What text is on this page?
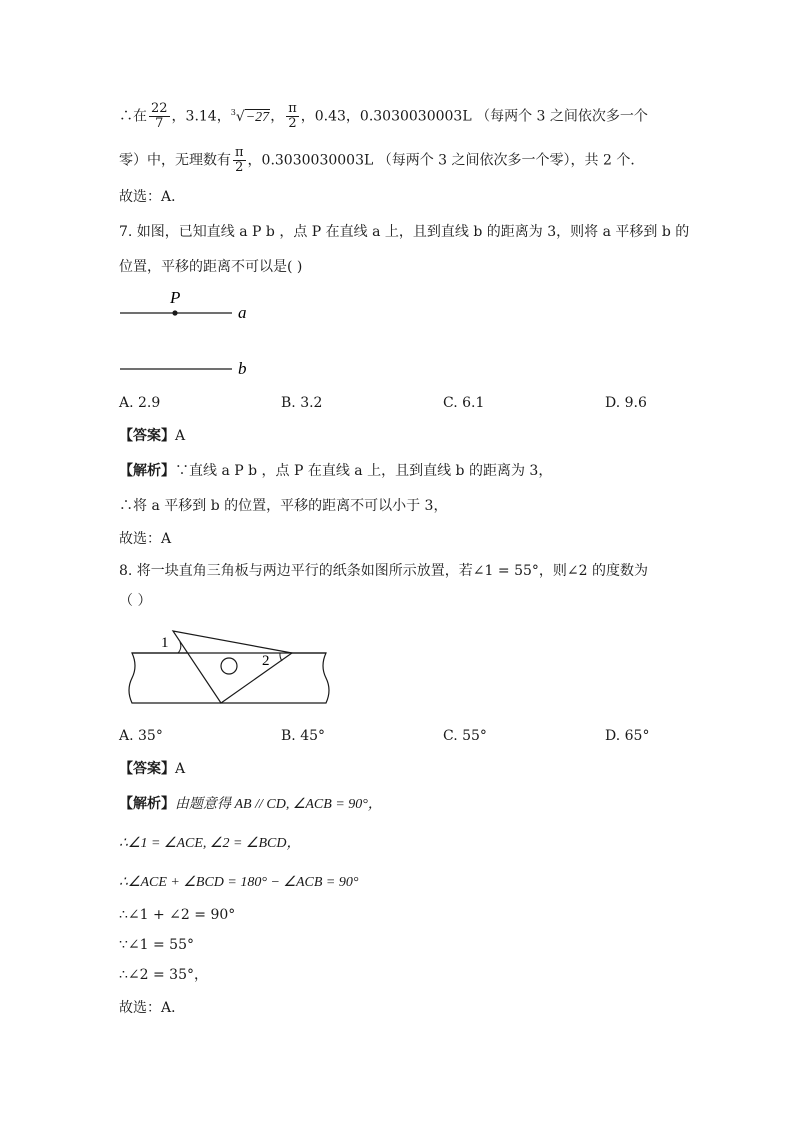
∴在 $\frac{22}{7}$ ，3.14，$^3$√−27， $\frac{\pi}{2}$ ，0.43，0.3030030003L （每两个 3 之间依次多一个
零）中，无理数有 $\frac{\pi}{2}$ ，0.3030030003L （每两个 3 之间依次多一个零），共 2 个．
故选：A．
7. 如图，已知直线 a P b ，点 P 在直线 a 上，且到直线 b 的距离为 3，则将 a 平移到 b 的
位置，平移的距离不可以是( )
P
a
b
A. 2.9	B. 3.2	C. 6.1	D. 9.6
【答案】A
【解析】∵直线 a P b ，点 P 在直线 a 上，且到直线 b 的距离为 3，
∴将 a 平移到 b 的位置，平移的距离不可以小于 3，
故选：A
8. 将一块直角三角板与两边平行的纸条如图所示放置，若∠1 = 55°，则∠2 的度数为
（ ）
1
2
A. 35°	B. 45°	C. 55°	D. 65°
【答案】A
【解析】由题意得 AB // CD, ∠ACB = 90°，
∴∠1 = ∠ACE, ∠2 = ∠BCD，
∴∠ACE + ∠BCD = 180° − ∠ACB = 90°
∴∠1 + ∠2 = 90°
∵∠1 = 55°
∴∠2 = 35°，
故选：A．
